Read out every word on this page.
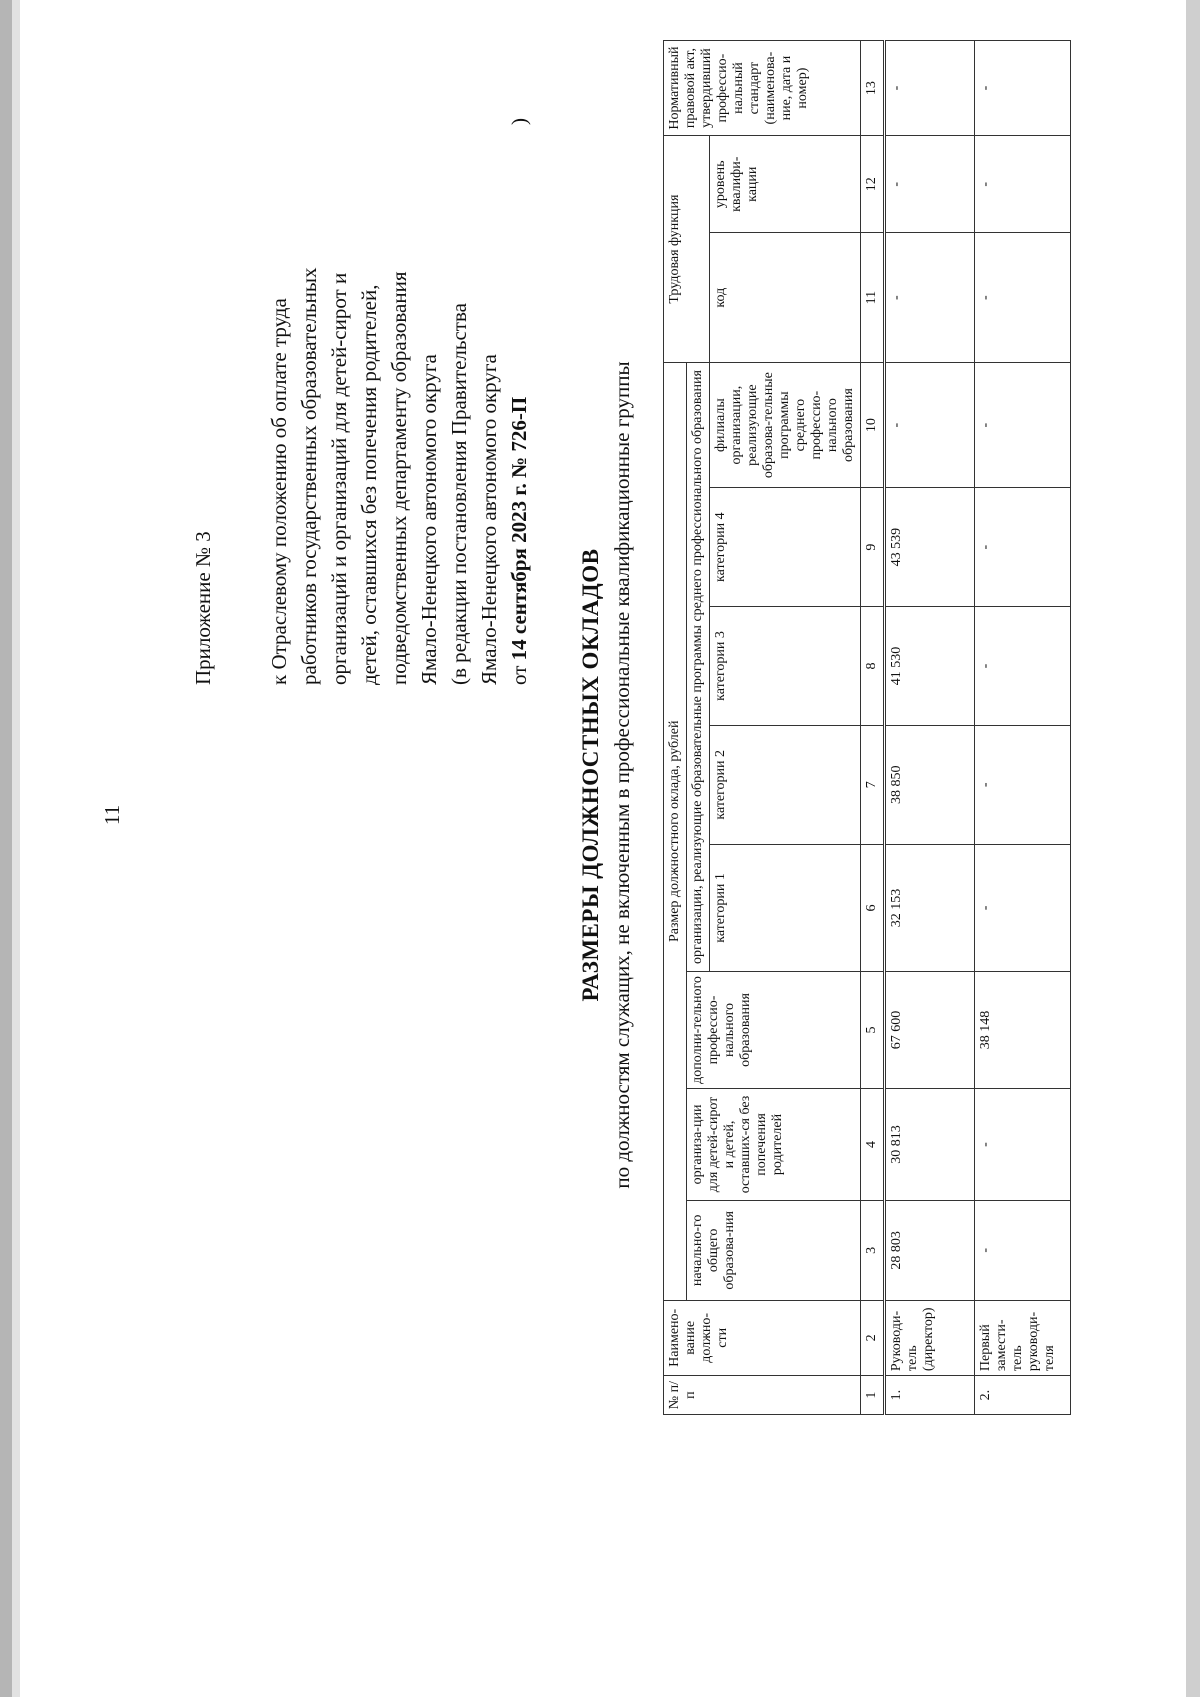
11
Приложение № 3 к Отраслевому положению об оплате труда работников государственных образовательных организаций и организаций для детей-сирот и детей, оставшихся без попечения родителей, подведомственных департаменту образования Ямало-Ненецкого автономого округа (в редакции постановления Правительства Ямало-Ненецкого автономого округа от 14 сентября 2023 г. № 726-П
)
РАЗМЕРЫ ДОЛЖНОСТНЫХ ОКЛАДОВ по должностям служащих, не включенным в профессиональные квалификационные группы
№ п/п	Наимено-вание должно-сти	Размер должностного оклада, рублей								Трудовая функция		Нормативный правовой акт, утвердивший профессио-нальный стандарт (наименова-ние, дата и номер)
		начально-го общего образова-ния	организа-ции для детей-сирот и детей, оставших-ся без попечения родителей	дополни-тельного профессио-нального образования	организации, реализующие образовательные программы среднего профессионального образования							
					категории 1	категории 2	категории 3	категории 4	филиалы организации, реализующие образова-тельные программы среднего профессио-нального образования	код	уровень квалифи-кации	
1	2	3	4	5	6	7	8	9	10	11	12	13
1.	Руководи-тель (директор)	28 803	30 813	67 600	32 153	38 850	41 530	43 539	-	-	-	-
2.	Первый замести-тель руководи-теля	-	-	38 148	-	-	-	-	-	-	-	-
